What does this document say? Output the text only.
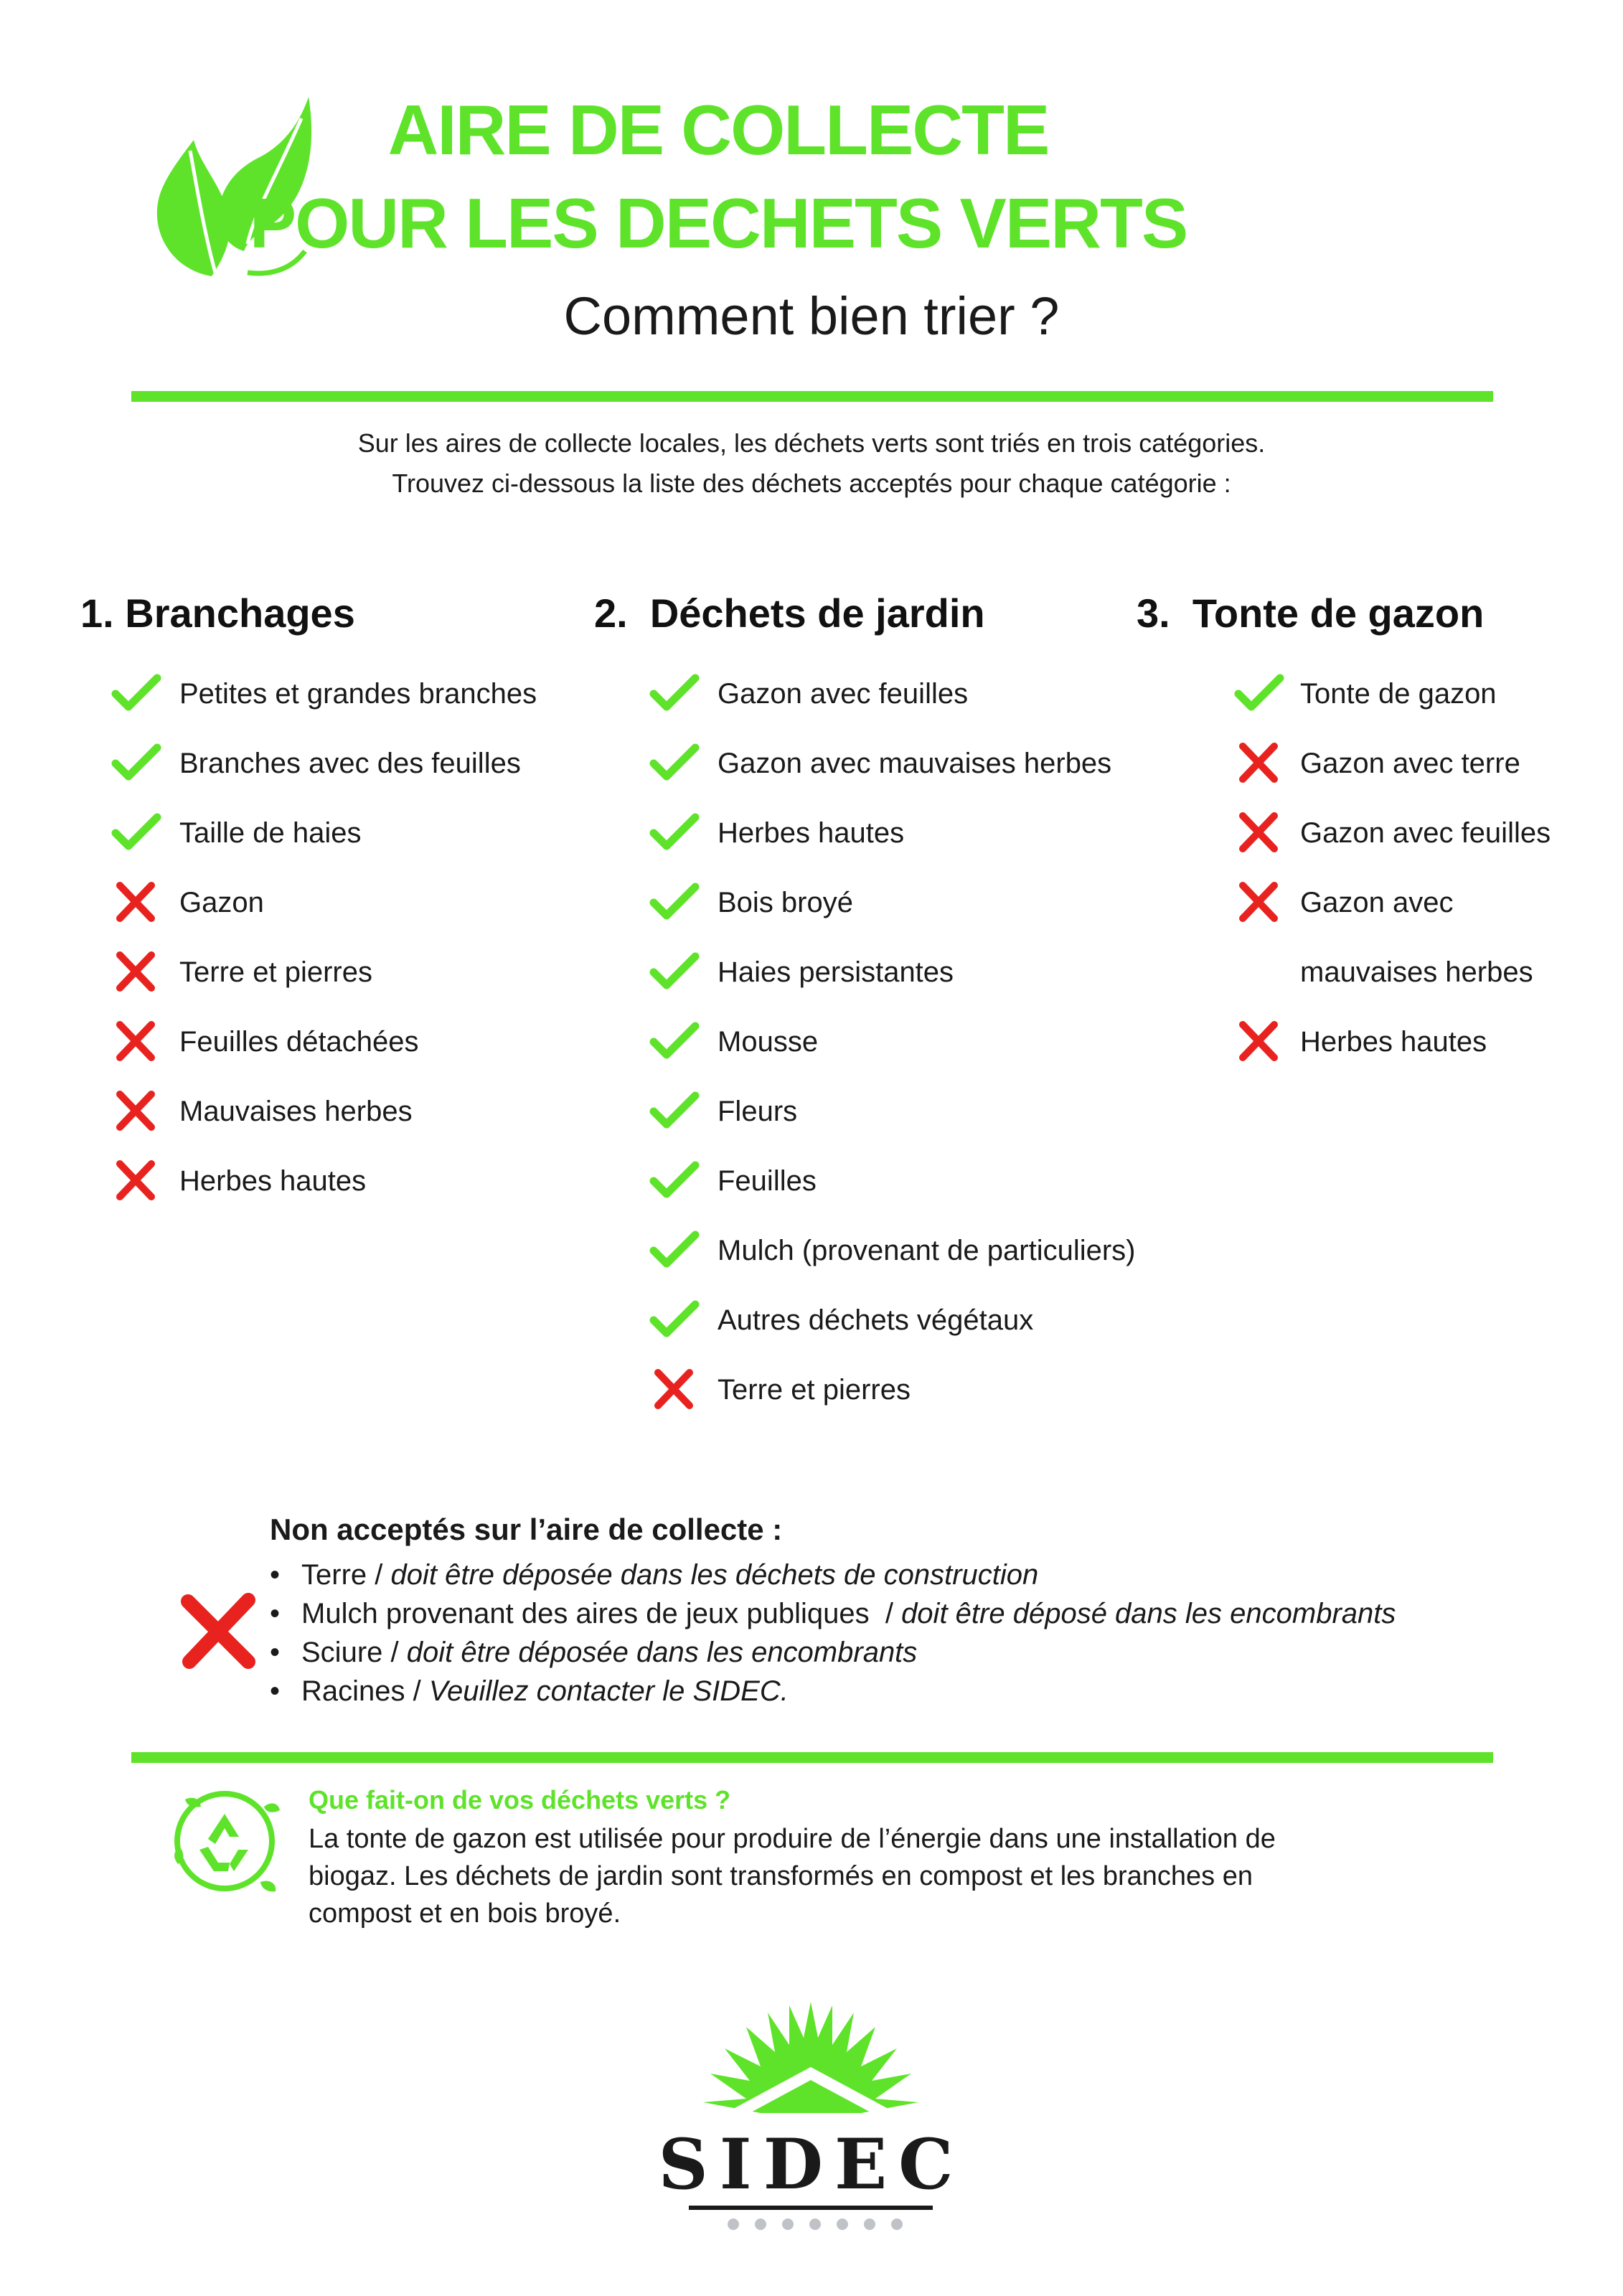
AIRE DE COLLECTE
POUR LES DECHETS VERTS
Comment bien trier ?
Sur les aires de collecte locales, les déchets verts sont triés en trois catégories.
Trouvez ci-dessous la liste des déchets acceptés pour chaque catégorie :
1. Branchages	2.  Déchets de jardin	3.  Tonte de gazon
Petites et grandes branches
Branches avec des feuilles
Taille de haies
Gazon
Terre et pierres
Feuilles détachées
Mauvaises herbes
Herbes hautes
Gazon avec feuilles
Gazon avec mauvaises herbes
Herbes hautes
Bois broyé
Haies persistantes
Mousse
Fleurs
Feuilles
Mulch (provenant de particuliers)
Autres déchets végétaux
Terre et pierres
Tonte de gazon
Gazon avec terre
Gazon avec feuilles
Gazon avec
mauvaises herbes
Herbes hautes
Non acceptés sur l’aire de collecte :
• Terre / doit être déposée dans les déchets de construction
• Mulch provenant des aires de jeux publiques  / doit être déposé dans les encombrants
• Sciure / doit être déposée dans les encombrants
• Racines / Veuillez contacter le SIDEC.
Que fait-on de vos déchets verts ?
La tonte de gazon est utilisée pour produire de l’énergie dans une installation de
biogaz. Les déchets de jardin sont transformés en compost et les branches en
compost et en bois broyé.
SIDEC
